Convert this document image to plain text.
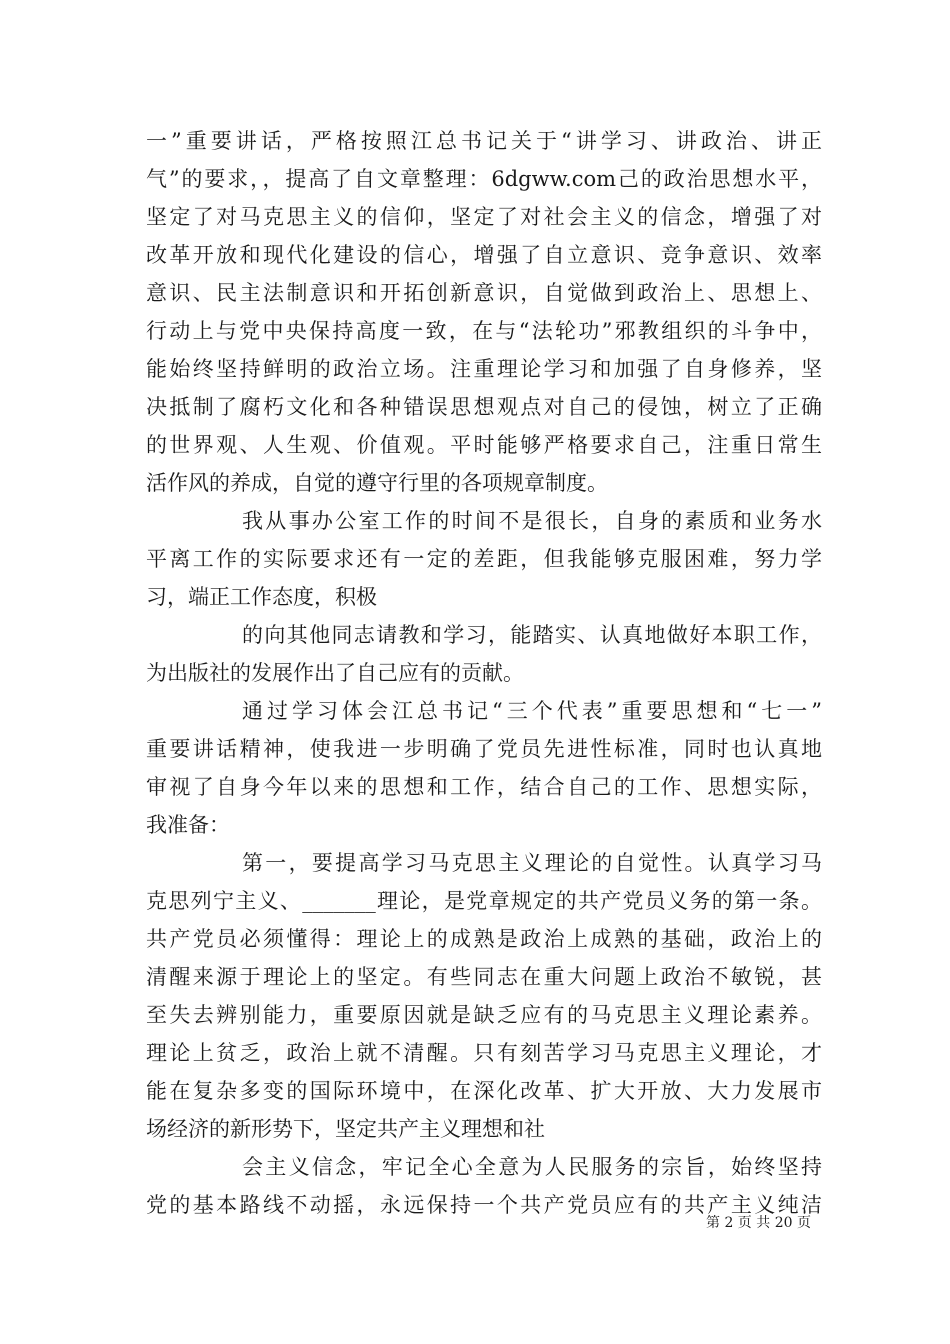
一”重要讲话，严格按照江总书记关于“讲学习、讲政治、讲正
气”的要求，，提高了自文章整理：6dgww.com己的政治思想水平，
坚定了对马克思主义的信仰，坚定了对社会主义的信念，增强了对
改革开放和现代化建设的信心，增强了自立意识、竞争意识、效率
意识、民主法制意识和开拓创新意识，自觉做到政治上、思想上、
行动上与党中央保持高度一致，在与“法轮功”邪教组织的斗争中，
能始终坚持鲜明的政治立场。注重理论学习和加强了自身修养，坚
决抵制了腐朽文化和各种错误思想观点对自己的侵蚀，树立了正确
的世界观、人生观、价值观。平时能够严格要求自己，注重日常生
活作风的养成，自觉的遵守行里的各项规章制度。
我从事办公室工作的时间不是很长，自身的素质和业务水
平离工作的实际要求还有一定的差距，但我能够克服困难，努力学
习，端正工作态度，积极
的向其他同志请教和学习，能踏实、认真地做好本职工作，
为出版社的发展作出了自己应有的贡献。
通过学习体会江总书记“三个代表”重要思想和“七一”
重要讲话精神，使我进一步明确了党员先进性标准，同时也认真地
审视了自身今年以来的思想和工作，结合自己的工作、思想实际，
我准备：
第一，要提高学习马克思主义理论的自觉性。认真学习马
克思列宁主义、_______理论，是党章规定的共产党员义务的第一条。
共产党员必须懂得：理论上的成熟是政治上成熟的基础，政治上的
清醒来源于理论上的坚定。有些同志在重大问题上政治不敏锐，甚
至失去辨别能力，重要原因就是缺乏应有的马克思主义理论素养。
理论上贫乏，政治上就不清醒。只有刻苦学习马克思主义理论，才
能在复杂多变的国际环境中，在深化改革、扩大开放、大力发展市
场经济的新形势下，坚定共产主义理想和社
会主义信念，牢记全心全意为人民服务的宗旨，始终坚持
党的基本路线不动摇，永远保持一个共产党员应有的共产主义纯洁
第 2 页 共 20 页
